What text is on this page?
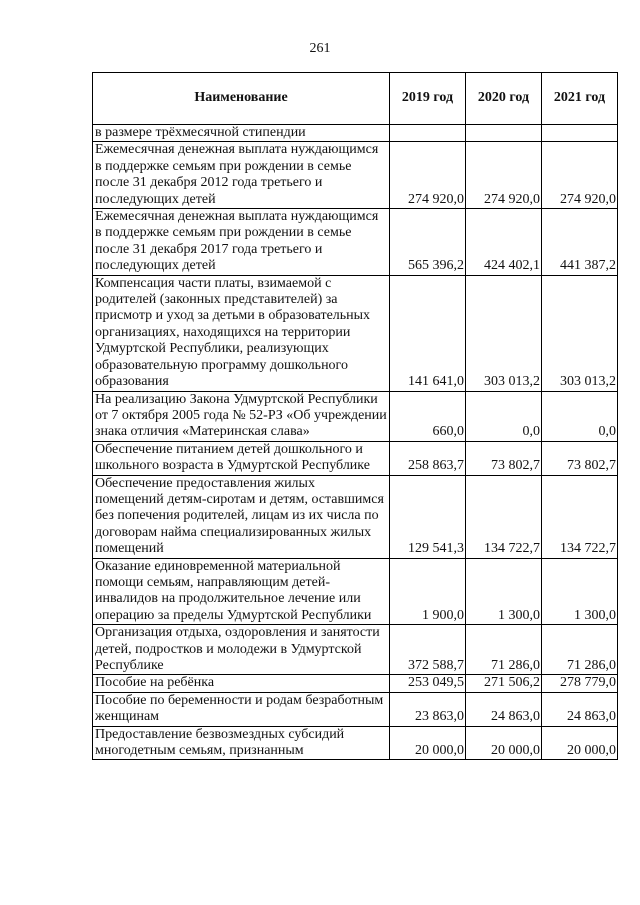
261
Наименование	2019 год	2020 год	2021 год
в размере трёхмесячной стипендии			
Ежемесячная денежная выплата нуждающимся в поддержке семьям при рождении в семье после 31 декабря 2012 года третьего и последующих детей	274 920,0	274 920,0	274 920,0
Ежемесячная денежная выплата нуждающимся в поддержке семьям при рождении в семье после 31 декабря 2017 года третьего и последующих детей	565 396,2	424 402,1	441 387,2
Компенсация части платы, взимаемой с родителей (законных представителей) за присмотр и уход за детьми в образовательных организациях, находящихся на территории Удмуртской Республики, реализующих образовательную программу дошкольного образования	141 641,0	303 013,2	303 013,2
На реализацию Закона Удмуртской Республики от 7 октября 2005 года № 52-РЗ «Об учреждении знака отличия «Материнская слава»	660,0	0,0	0,0
Обеспечение питанием детей дошкольного и школьного возраста в Удмуртской Республике	258 863,7	73 802,7	73 802,7
Обеспечение предоставления жилых помещений детям-сиротам и детям, оставшимся без попечения родителей, лицам из их числа по договорам найма специализированных жилых помещений	129 541,3	134 722,7	134 722,7
Оказание единовременной материальной помощи семьям, направляющим детей-инвалидов на продолжительное лечение или операцию за пределы Удмуртской Республики	1 900,0	1 300,0	1 300,0
Организация отдыха, оздоровления и занятости детей, подростков и молодежи в Удмуртской Республике	372 588,7	71 286,0	71 286,0
Пособие на ребёнка	253 049,5	271 506,2	278 779,0
Пособие по беременности и родам безработным женщинам	23 863,0	24 863,0	24 863,0
Предоставление безвозмездных субсидий многодетным семьям, признанным	20 000,0	20 000,0	20 000,0
